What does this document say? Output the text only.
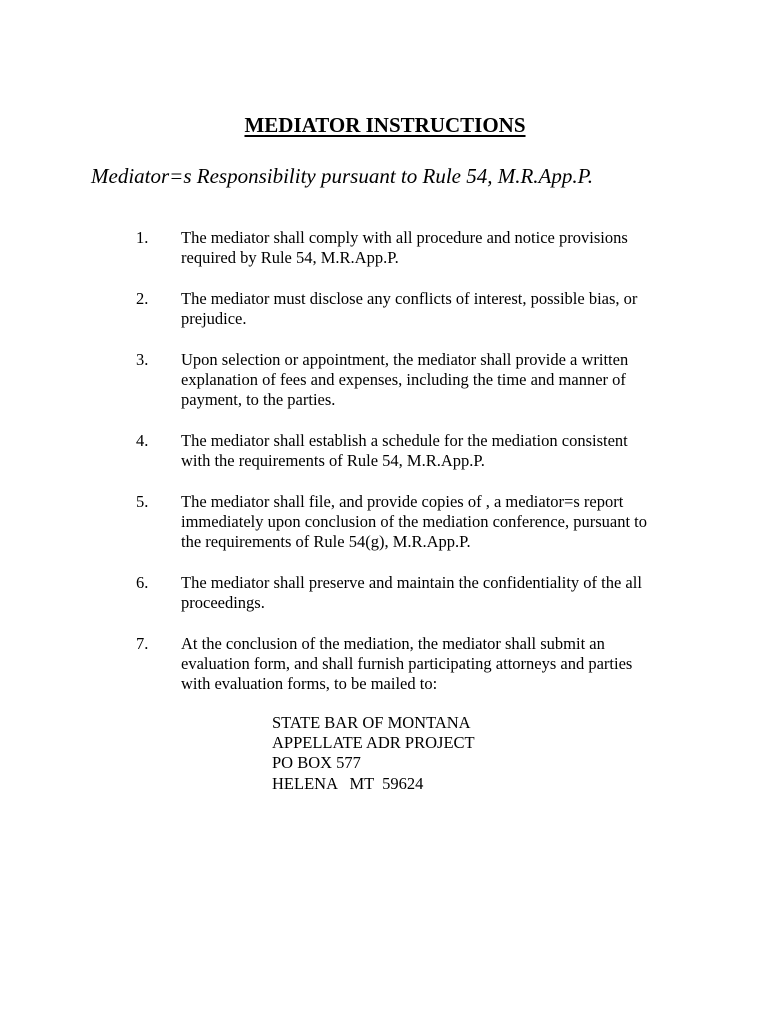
MEDIATOR INSTRUCTIONS

Mediator=s Responsibility pursuant to Rule 54, M.R.App.P.

1.	The mediator shall comply with all procedure and notice provisions
required by Rule 54, M.R.App.P.
2.	The mediator must disclose any conflicts of interest, possible bias, or
prejudice.
3.	Upon selection or appointment, the mediator shall provide a written
explanation of fees and expenses, including the time and manner of
payment, to the parties.
4.	The mediator shall establish a schedule for the mediation consistent
with the requirements of Rule 54, M.R.App.P.
5.	The mediator shall file, and provide copies of , a mediator=s report
immediately upon conclusion of the mediation conference, pursuant to
the requirements of Rule 54(g), M.R.App.P.
6.	The mediator shall preserve and maintain the confidentiality of the all
proceedings.
7.	At the conclusion of the mediation, the mediator shall submit an
evaluation form, and shall furnish participating attorneys and parties
with evaluation forms, to be mailed to:
STATE BAR OF MONTANA
APPELLATE ADR PROJECT
PO BOX 577
HELENA   MT  59624
